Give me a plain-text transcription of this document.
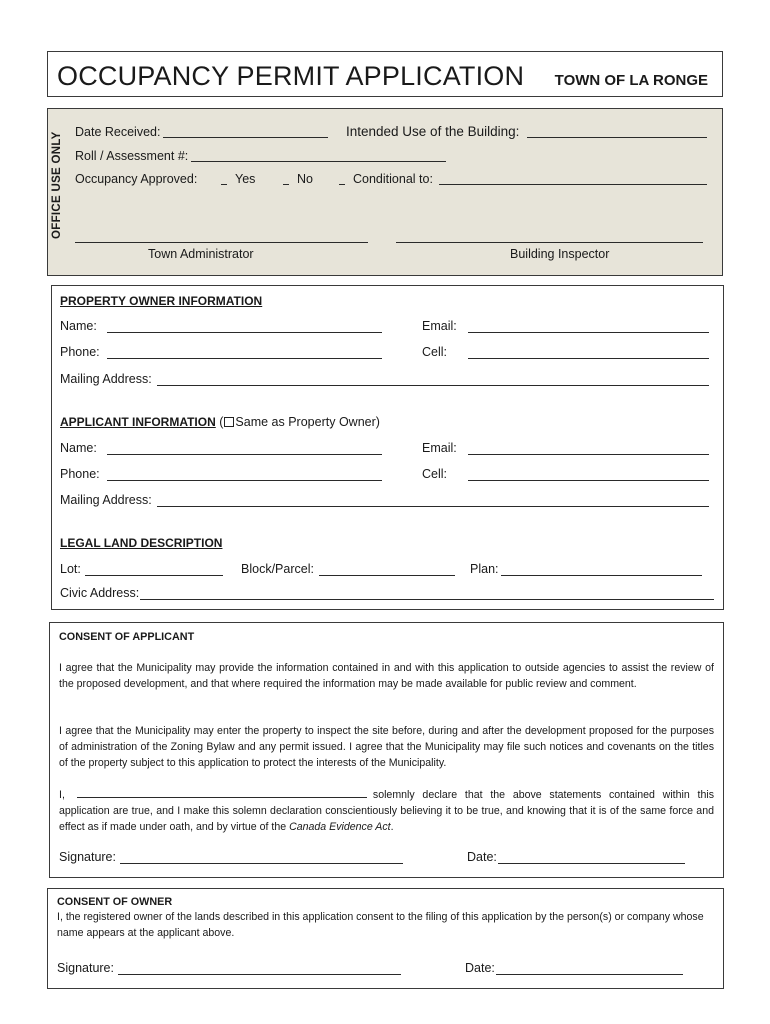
OCCUPANCY PERMIT APPLICATION TOWN OF LA RONGE
OFFICE USE ONLY Date Received:	Intended Use of the Building:
Roll / Assessment #:
Occupancy Approved:	Yes	No	Conditional to:
Town Administrator	Building Inspector
PROPERTY OWNER INFORMATION
Name:	Email:
Phone:	Cell:
Mailing Address:
APPLICANT INFORMATION ( Same as Property Owner)
Name:	Email:
Phone:	Cell:
Mailing Address:
LEGAL LAND DESCRIPTION
Lot:	Block/Parcel:	Plan:
Civic Address:
CONSENT OF APPLICANT

I agree that the Municipality may provide the information contained in and with this application to outside agencies to assist the review of the proposed development, and that where required the information may be made available for public review and comment.

I agree that the Municipality may enter the property to inspect the site before, during and after the development proposed for the purposes of administration of the Zoning Bylaw and any permit issued. I agree that the Municipality may file such notices and covenants on the titles of the property subject to this application to protect the interests of the Municipality.

I,	solemnly declare that the above statements contained within this application are true, and I make this solemn declaration conscientiously believing it to be true, and knowing that it is of the same force and effect as if made under oath, and by virtue of the Canada Evidence Act.

Signature:	Date:
CONSENT OF OWNER

I, the registered owner of the lands described in this application consent to the filing of this application by the person(s) or company whose name appears at the applicant above.

Signature:	Date:
